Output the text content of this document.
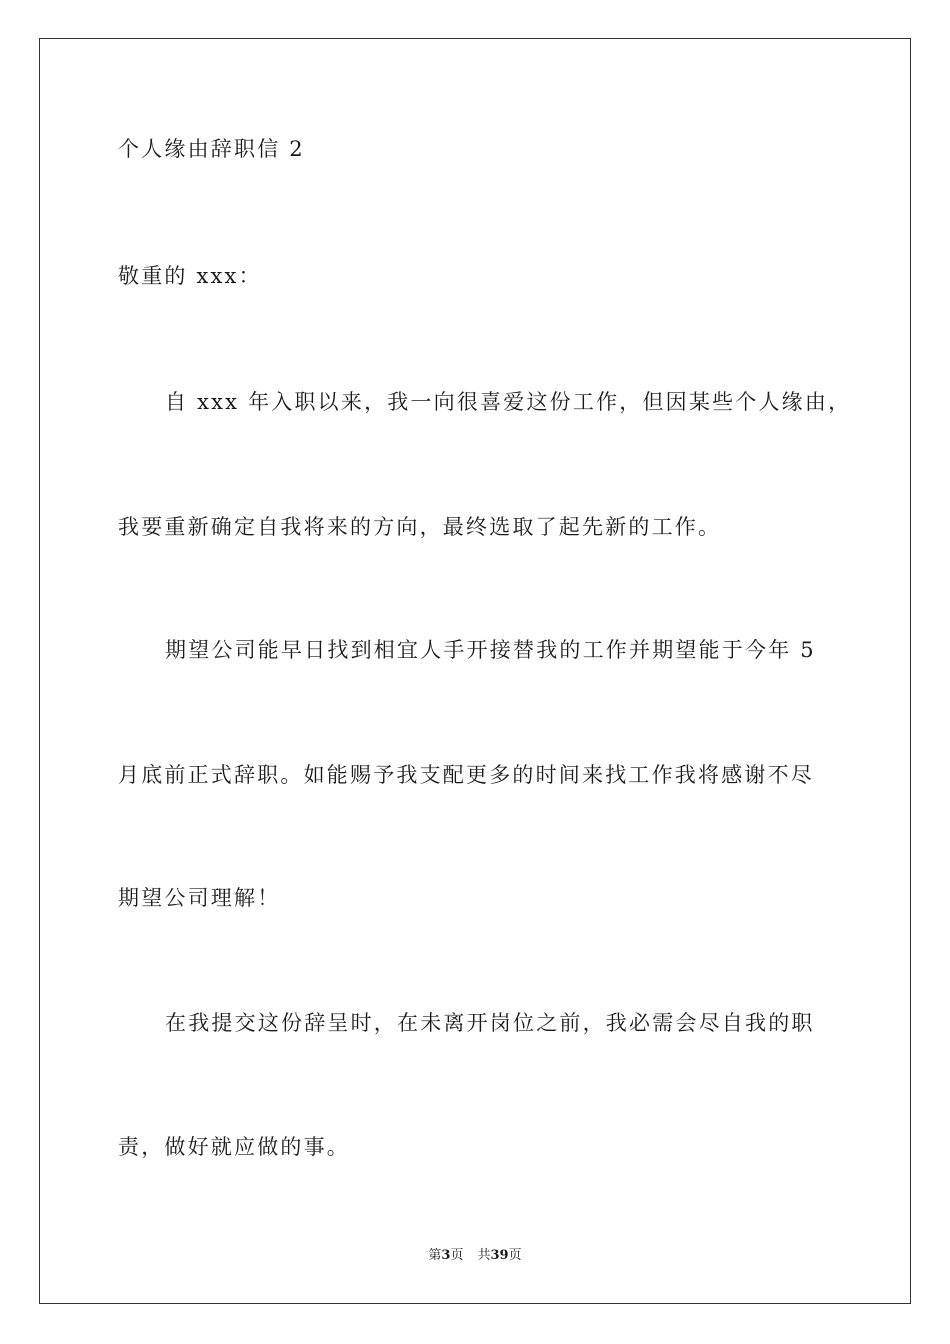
个人缘由辞职信 2
敬重的 xxx：
自 xxx 年入职以来，我一向很喜爱这份工作，但因某些个人缘由，
我要重新确定自我将来的方向，最终选取了起先新的工作。
期望公司能早日找到相宜人手开接替我的工作并期望能于今年 5
月底前正式辞职。如能赐予我支配更多的时间来找工作我将感谢不尽
期望公司理解！
在我提交这份辞呈时，在未离开岗位之前，我必需会尽自我的职
责，做好就应做的事。
第3页 共39页
